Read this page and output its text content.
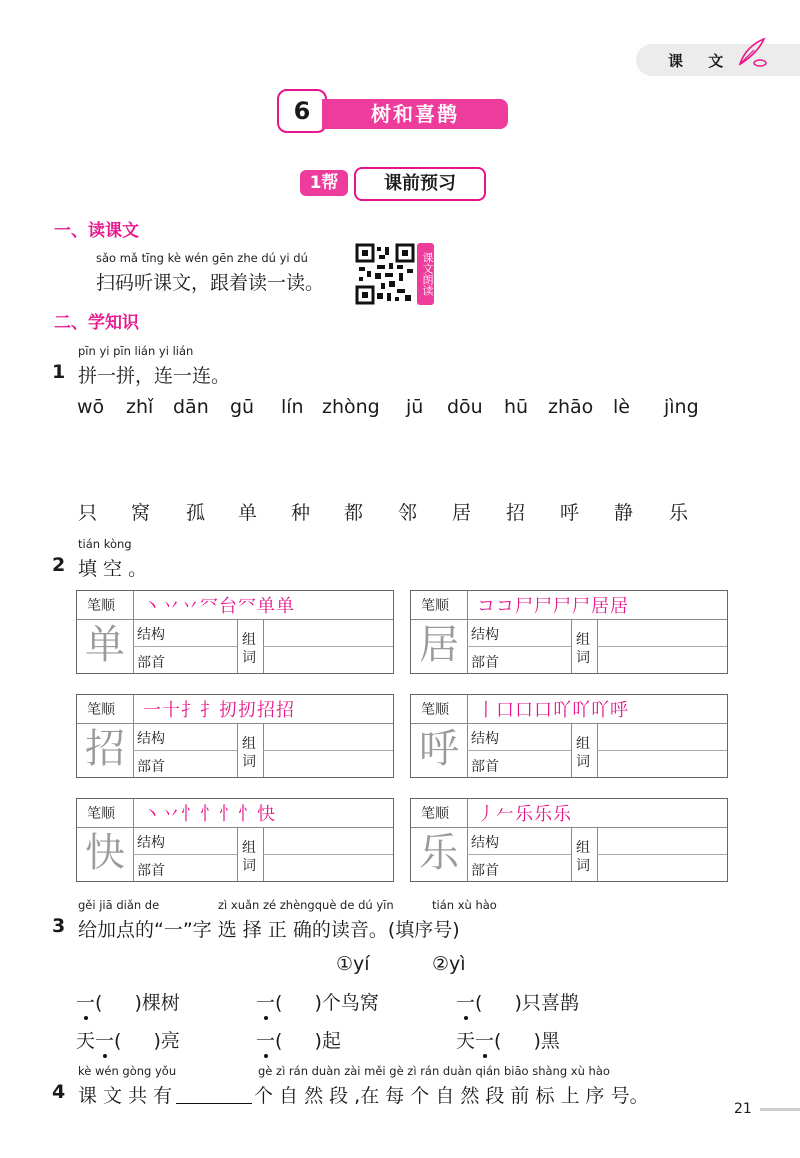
课 文
6	树和喜鹊
1帮	课前预习
一、读课文
sǎo mǎ tīng kè wén gēn zhe dú yi dú
扫码听课文，跟着读一读。	课文朗读
二、学知识
pīn yi pīn lián yi lián
1 拼一拼，连一连。
wō zhǐ dān gū lín zhòng jū dōu hū zhāo lè jìng
只 窝 孤 单 种 都 邻 居 招 呼 静 乐
tián kòng
2 填 空 。
笔顺 丶丷丷㓁台㓁单单
单 结构
部首
组
词
笔顺 ココ尸尸尸尸居居
居 结构
部首
组
词
笔顺 一十扌扌扨扨招招
招 结构
部首
组
词
笔顺 丨口口口吖吖吖呼
呼 结构
部首
组
词
笔顺 丶丷忄忄忄忄快
快 结构
部首
组
词
笔顺 丿𠂉乐乐乐
乐 结构
部首
组
词
gěi jiā diǎn de	zì xuǎn zé zhèngquè de dú yīn	tián xù hào
3 给加点的 “一”字 选 择 正 确的读音。(填序号)
①yí	②yì
一( )棵树	一( )个鸟窝	一( )只喜鹊
天一( )亮	一( )起	天一( )黑
kè wén gòng yǒu	gè zì rán duàn zài měi gè zì rán duàn qián biāo shàng xù hào
4 课 文 共 有	个 自 然 段 ,在 每 个 自 然 段 前 标 上 序 号。
21
